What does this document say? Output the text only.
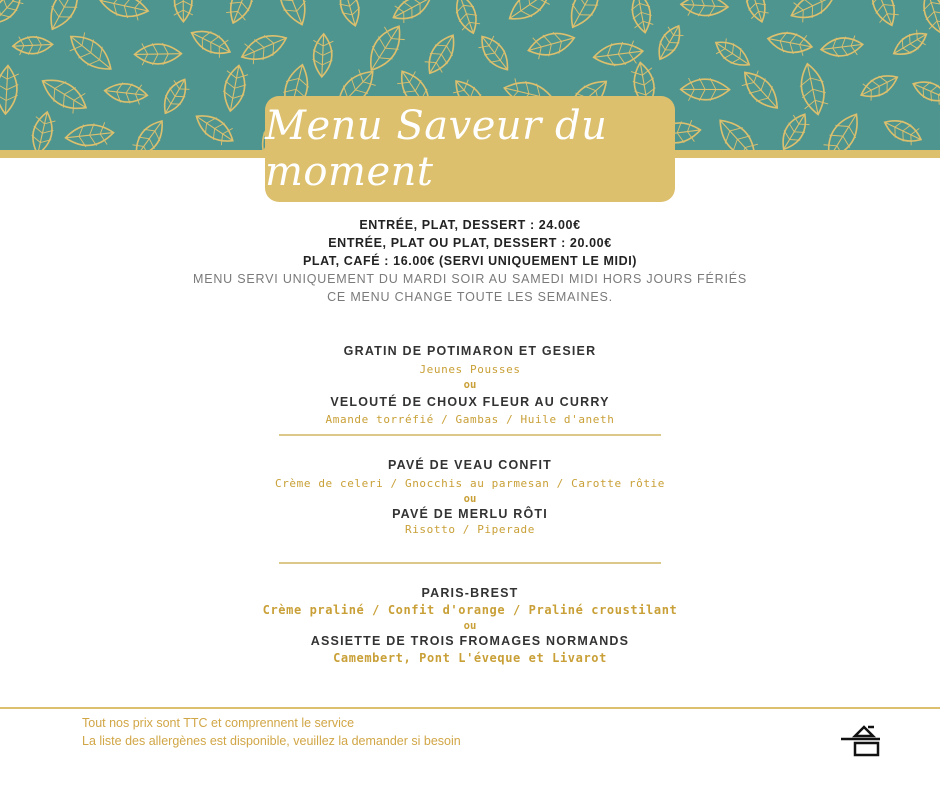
Menu Saveur du moment
ENTRÉE, PLAT, DESSERT : 24.00€
ENTRÉE, PLAT OU PLAT, DESSERT : 20.00€
PLAT, CAFÉ : 16.00€ (SERVI UNIQUEMENT LE MIDI)
MENU SERVI UNIQUEMENT DU MARDI SOIR AU SAMEDI MIDI HORS JOURS FÉRIÉS
CE MENU CHANGE TOUTE LES SEMAINES.
GRATIN DE POTIMARON ET GESIER
Jeunes Pousses
ou
VELOUTÉ DE CHOUX FLEUR AU CURRY
Amande torréfié / Gambas / Huile d'aneth
PAVÉ DE VEAU CONFIT
Crème de celeri / Gnocchis au parmesan / Carotte rôtie
ou
PAVÉ DE MERLU RÔTI
Risotto / Piperade
PARIS-BREST
Crème praliné / Confit d'orange / Praliné croustilant
ou
ASSIETTE DE TROIS FROMAGES NORMANDS
Camembert, Pont L'éveque et Livarot
Tout nos prix sont TTC et comprennent le service
La liste des allergènes est disponible, veuillez la demander si besoin
